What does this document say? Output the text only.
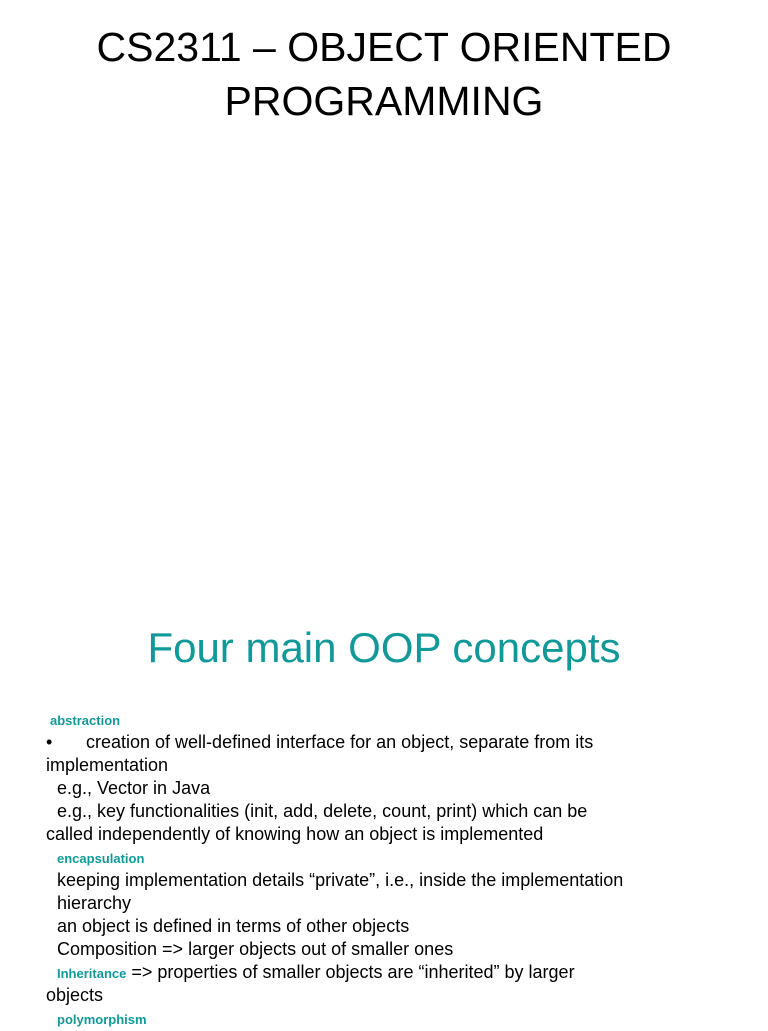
CS2311 – OBJECT ORIENTED
PROGRAMMING
Four main OOP concepts
abstraction
• creation of well-defined interface for an object, separate from its
implementation
e.g., Vector in Java
e.g., key functionalities (init, add, delete, count, print) which can be
called independently of knowing how an object is implemented
encapsulation
keeping implementation details “private”, i.e., inside the implementation
hierarchy
an object is defined in terms of other objects
Composition => larger objects out of smaller ones
Inheritance => properties of smaller objects are “inherited” by larger
objects
polymorphism
